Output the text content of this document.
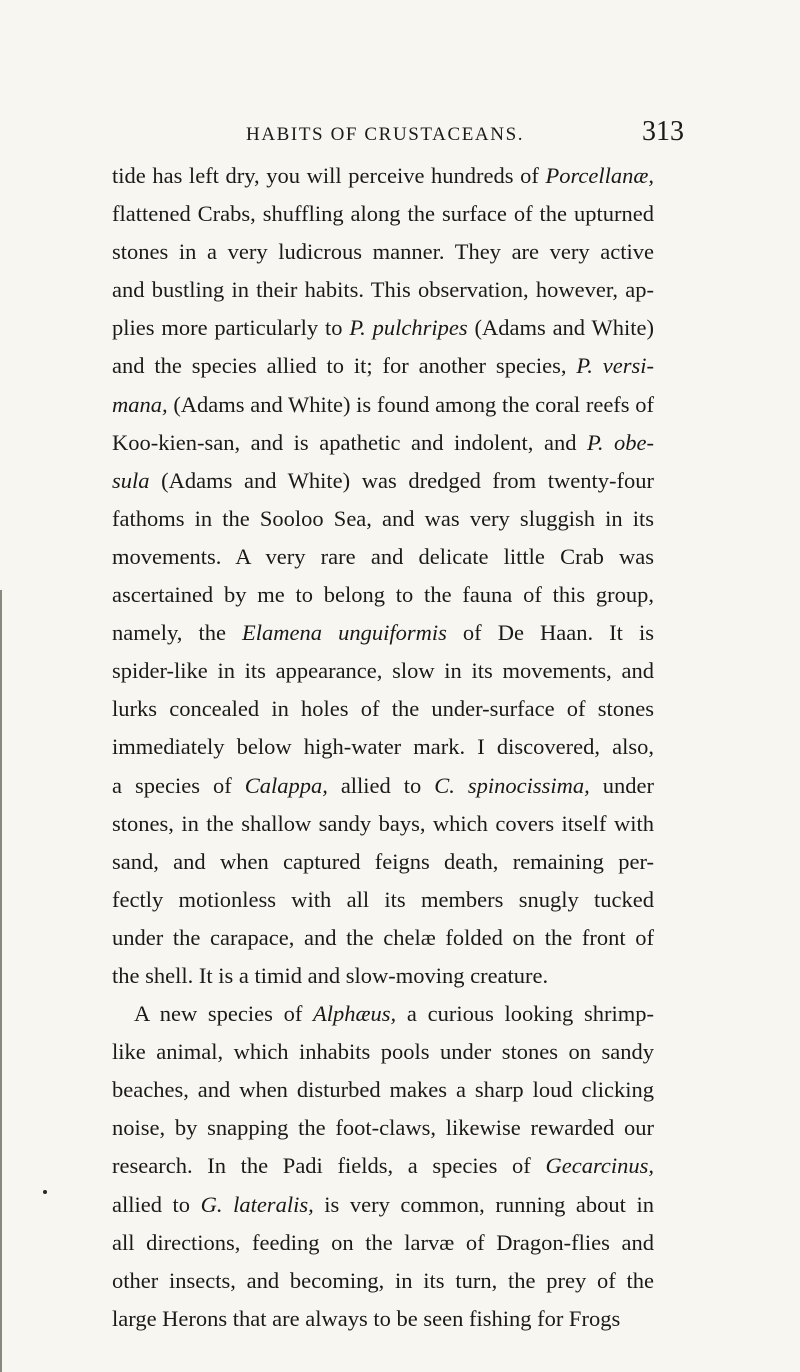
HABITS OF CRUSTACEANS.	313
tide has left dry, you will perceive hundreds of Porcellanæ,
flattened Crabs, shuffling along the surface of the upturned
stones in a very ludicrous manner. They are very active
and bustling in their habits. This observation, however, ap-
plies more particularly to P. pulchripes (Adams and White)
and the species allied to it; for another species, P. versi-
mana, (Adams and White) is found among the coral reefs of
Koo-kien-san, and is apathetic and indolent, and P. obe-
sula (Adams and White) was dredged from twenty-four
fathoms in the Sooloo Sea, and was very sluggish in its
movements. A very rare and delicate little Crab was
ascertained by me to belong to the fauna of this group,
namely, the Elamena unguiformis of De Haan. It is
spider-like in its appearance, slow in its movements, and
lurks concealed in holes of the under-surface of stones
immediately below high-water mark. I discovered, also,
a species of Calappa, allied to C. spinocissima, under
stones, in the shallow sandy bays, which covers itself with
sand, and when captured feigns death, remaining per-
fectly motionless with all its members snugly tucked
under the carapace, and the chelæ folded on the front of
the shell. It is a timid and slow-moving creature.
A new species of Alphæus, a curious looking shrimp-
like animal, which inhabits pools under stones on sandy
beaches, and when disturbed makes a sharp loud clicking
noise, by snapping the foot-claws, likewise rewarded our
research. In the Padi fields, a species of Gecarcinus,
allied to G. lateralis, is very common, running about in
all directions, feeding on the larvæ of Dragon-flies and
other insects, and becoming, in its turn, the prey of the
large Herons that are always to be seen fishing for Frogs
